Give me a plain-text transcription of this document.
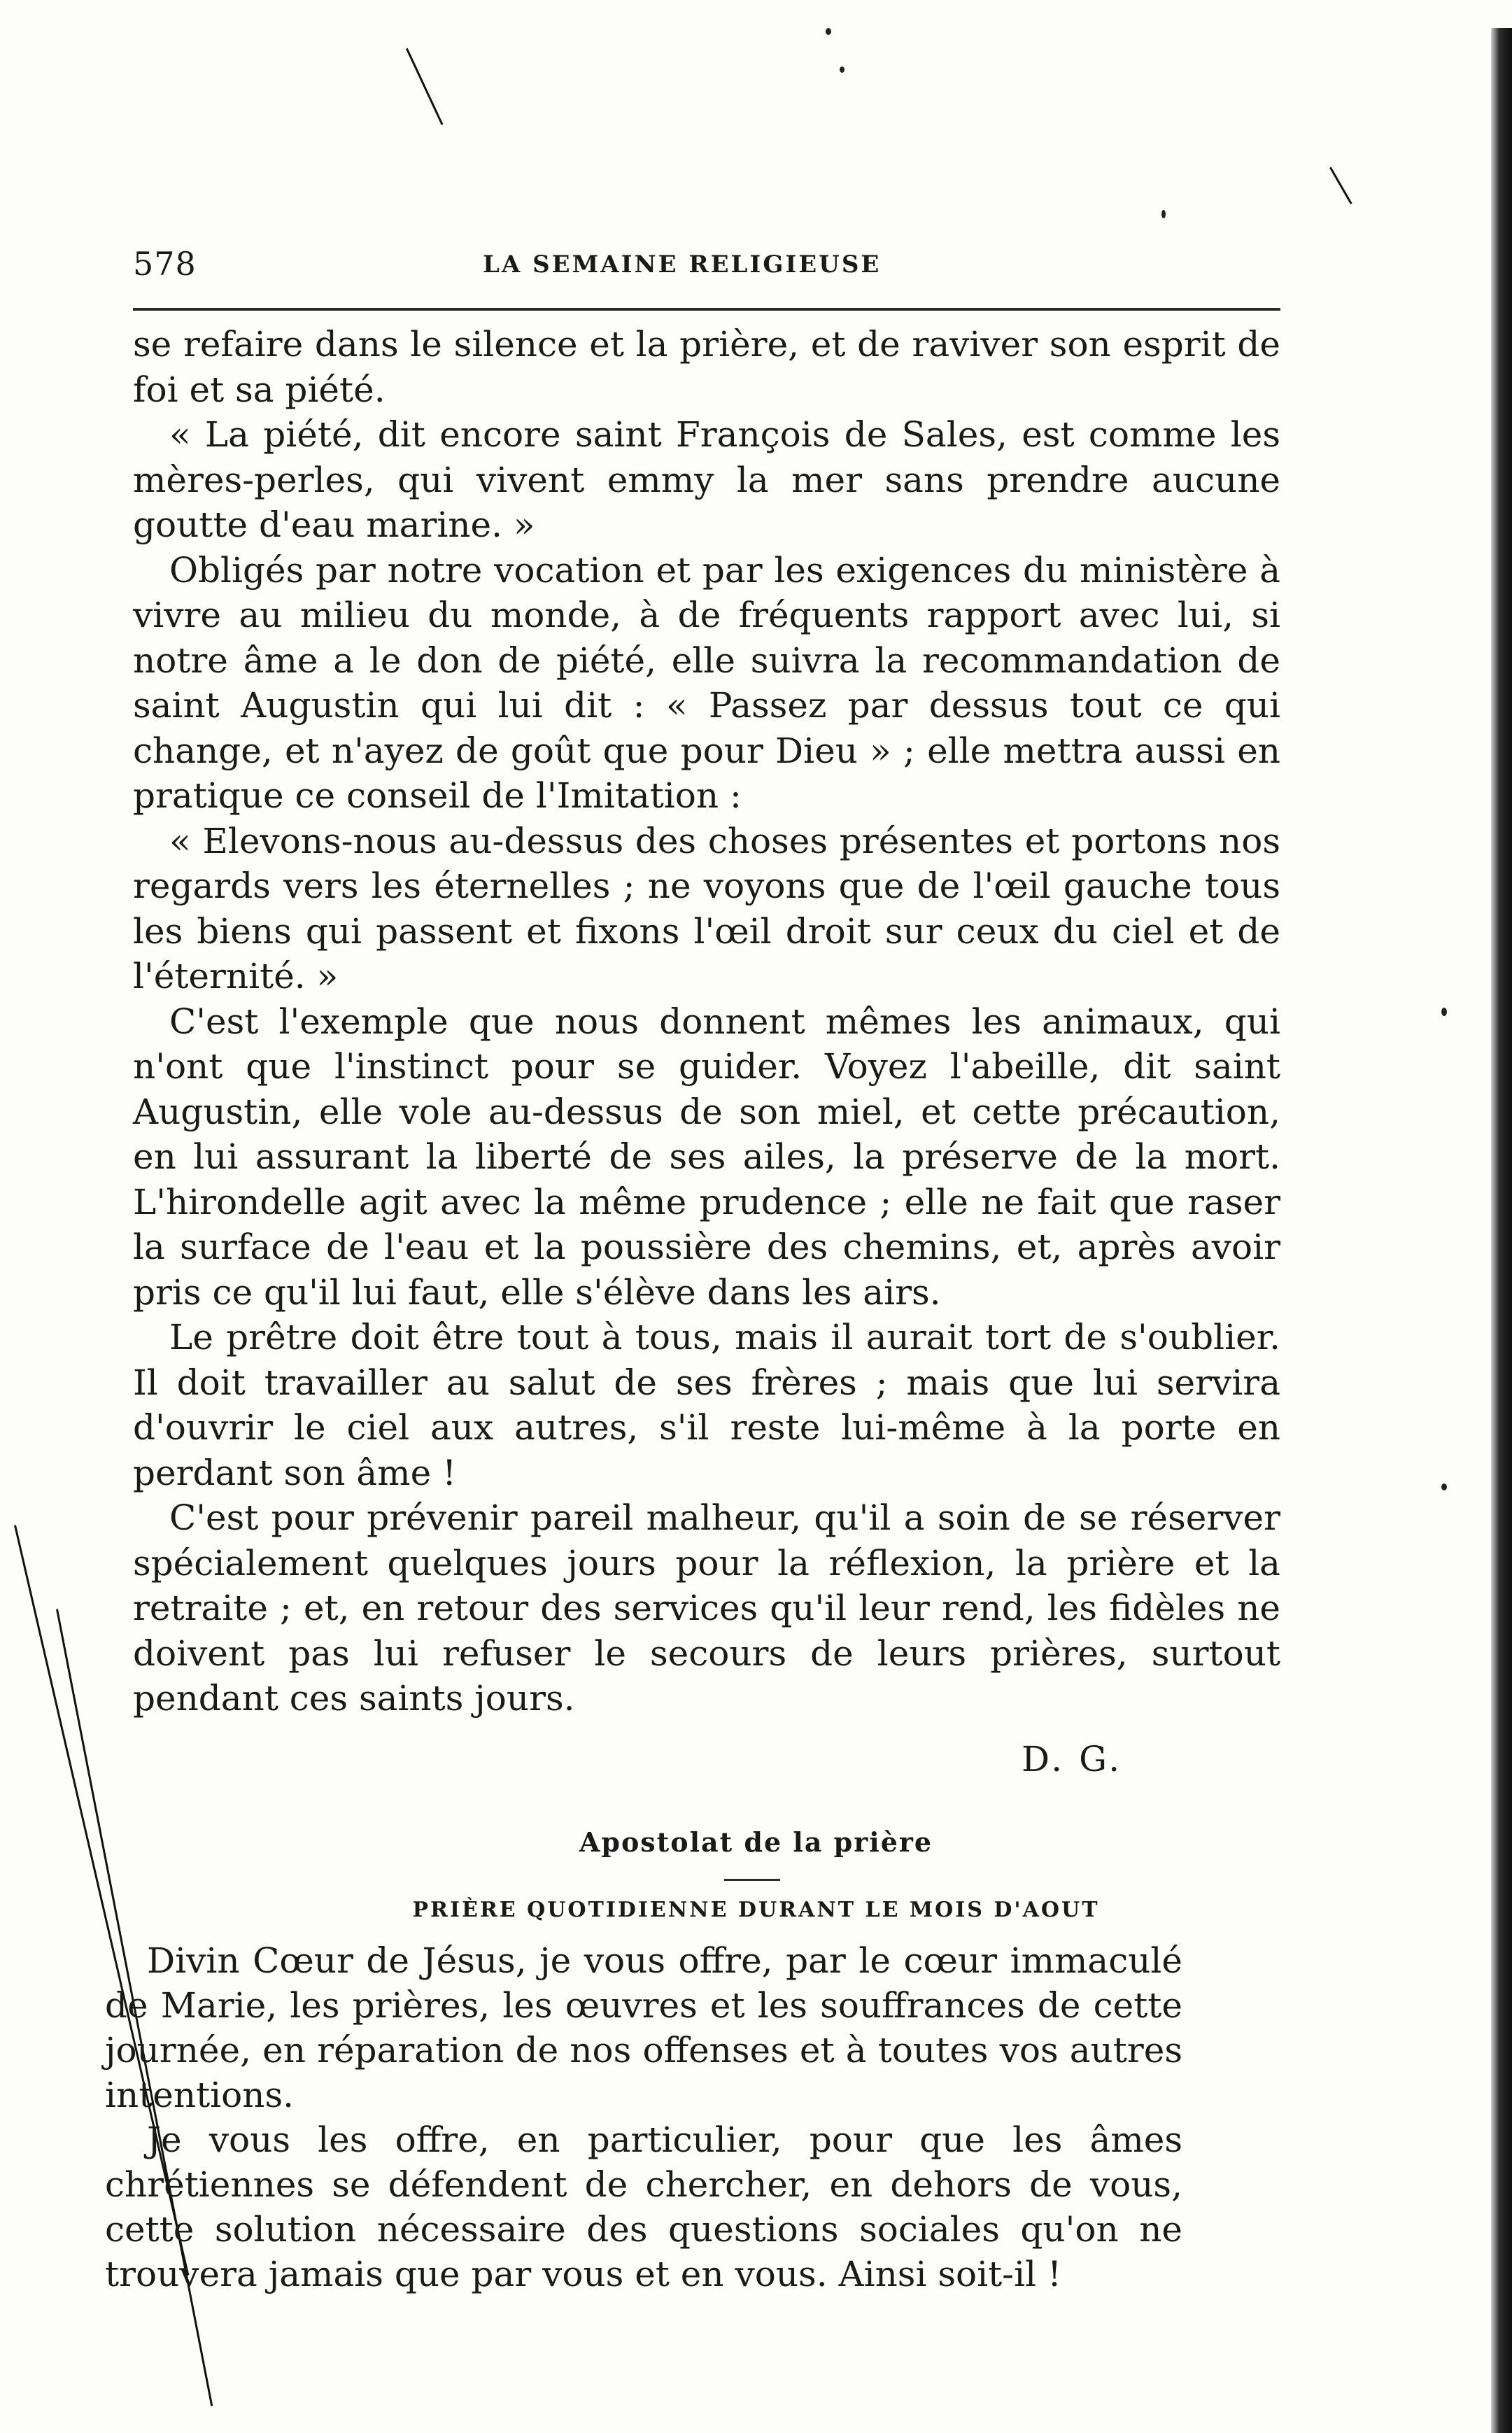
578	LA SEMAINE RELIGIEUSE

se refaire dans le silence et la prière, et de raviver son esprit de foi et sa piété.

« La piété, dit encore saint François de Sales, est comme les mères-perles, qui vivent emmy la mer sans prendre aucune goutte d'eau marine. »

Obligés par notre vocation et par les exigences du ministère à vivre au milieu du monde, à de fréquents rapport avec lui, si notre âme a le don de piété, elle suivra la recommandation de saint Augustin qui lui dit : « Passez par dessus tout ce qui change, et n'ayez de goût que pour Dieu » ; elle mettra aussi en pratique ce conseil de l'Imitation :

« Elevons-nous au-dessus des choses présentes et portons nos regards vers les éternelles ; ne voyons que de l'œil gauche tous les biens qui passent et fixons l'œil droit sur ceux du ciel et de l'éternité. »

C'est l'exemple que nous donnent mêmes les animaux, qui n'ont que l'instinct pour se guider. Voyez l'abeille, dit saint Augustin, elle vole au-dessus de son miel, et cette précaution, en lui assurant la liberté de ses ailes, la préserve de la mort. L'hirondelle agit avec la même prudence ; elle ne fait que raser la surface de l'eau et la poussière des chemins, et, après avoir pris ce qu'il lui faut, elle s'élève dans les airs.

Le prêtre doit être tout à tous, mais il aurait tort de s'oublier. Il doit travailler au salut de ses frères ; mais que lui servira d'ouvrir le ciel aux autres, s'il reste lui-même à la porte en perdant son âme !

C'est pour prévenir pareil malheur, qu'il a soin de se réserver spécialement quelques jours pour la réflexion, la prière et la retraite ; et, en retour des services qu'il leur rend, les fidèles ne doivent pas lui refuser le secours de leurs prières, surtout pendant ces saints jours.

D. G.
Apostolat de la prière
PRIÈRE QUOTIDIENNE DURANT LE MOIS D'AOUT

Divin Cœur de Jésus, je vous offre, par le cœur immaculé de Marie, les prières, les œuvres et les souffrances de cette journée, en réparation de nos offenses et à toutes vos autres intentions.

Je vous les offre, en particulier, pour que les âmes chrétiennes se défendent de chercher, en dehors de vous, cette solution nécessaire des questions sociales qu'on ne trouvera jamais que par vous et en vous. Ainsi soit-il !
